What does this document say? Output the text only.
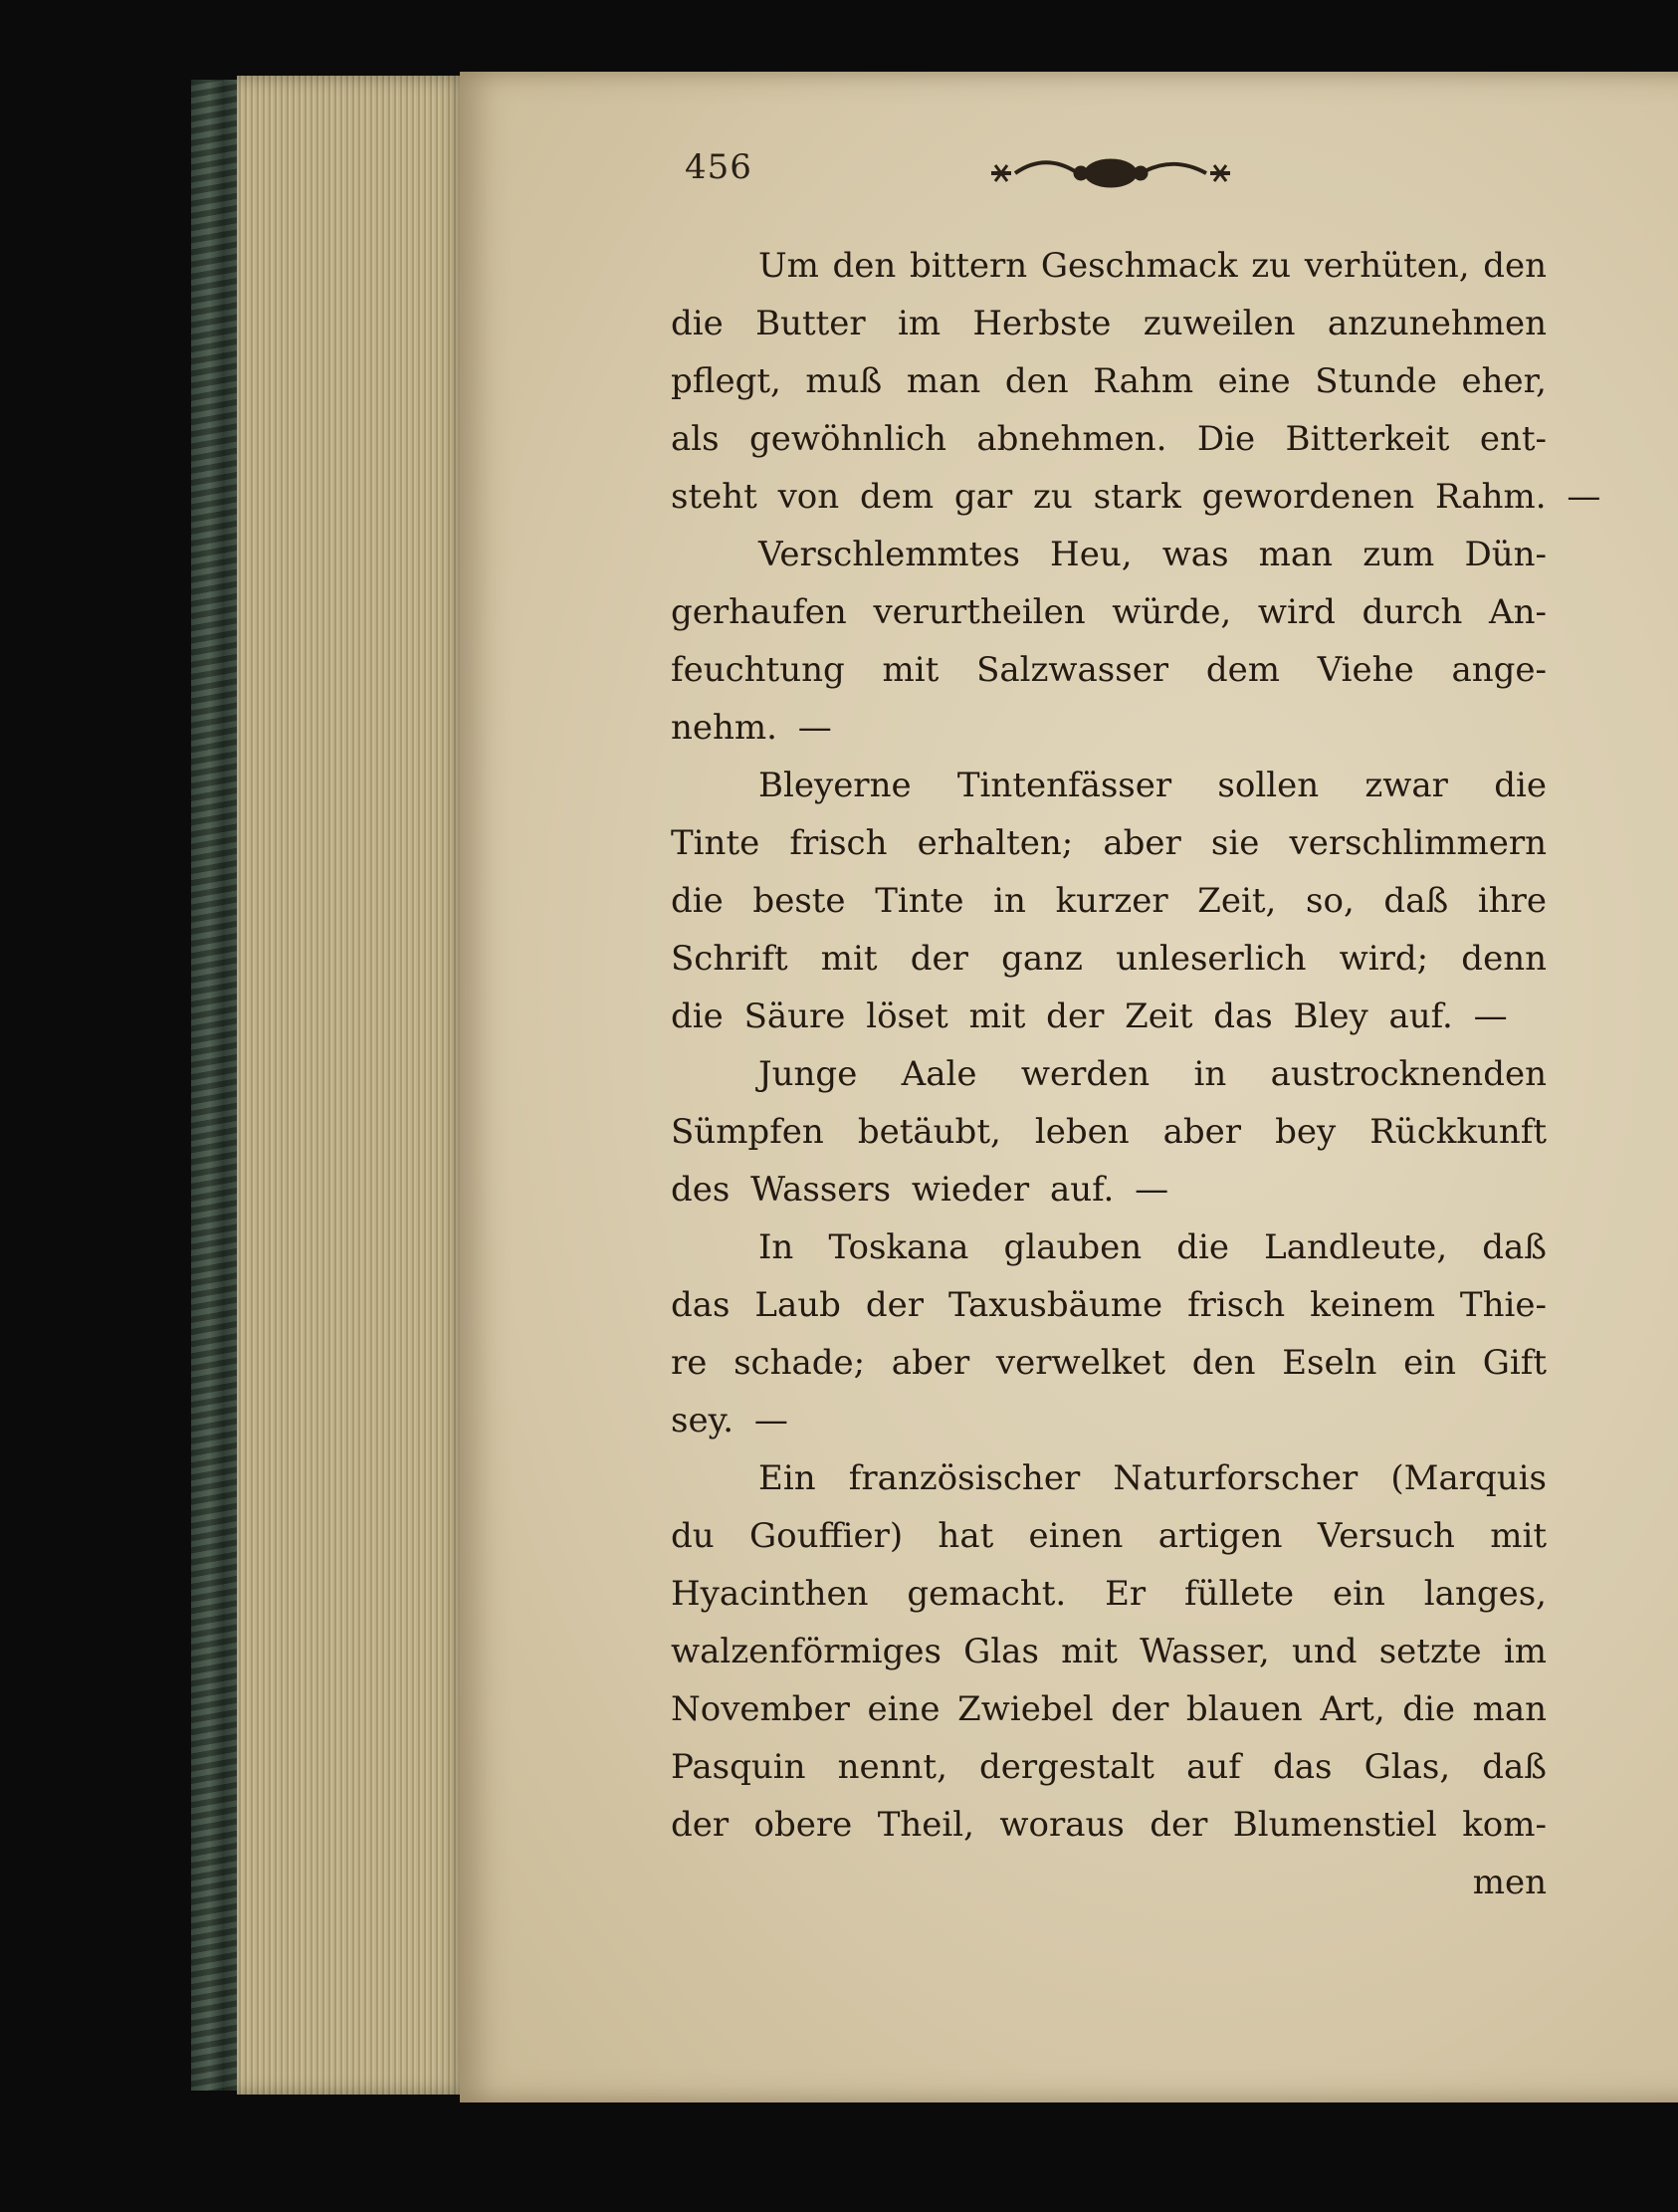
456
Um den bittern Geschmack zu verhüten, den
die Butter im Herbste zuweilen anzunehmen
pflegt, muß man den Rahm eine Stunde eher,
als gewöhnlich abnehmen. Die Bitterkeit ent-
steht von dem gar zu stark gewordenen Rahm. —
Verschlemmtes Heu, was man zum Dün-
gerhaufen verurtheilen würde, wird durch An-
feuchtung mit Salzwasser dem Viehe ange-
nehm. —
Bleyerne Tintenfässer sollen zwar die
Tinte frisch erhalten; aber sie verschlimmern
die beste Tinte in kurzer Zeit, so, daß ihre
Schrift mit der ganz unleserlich wird; denn
die Säure löset mit der Zeit das Bley auf. —
Junge Aale werden in austrocknenden
Sümpfen betäubt, leben aber bey Rückkunft
des Wassers wieder auf. —
In Toskana glauben die Landleute, daß
das Laub der Taxusbäume frisch keinem Thie-
re schade; aber verwelket den Eseln ein Gift
sey. —
Ein französischer Naturforscher (Marquis
du Gouffier) hat einen artigen Versuch mit
Hyacinthen gemacht. Er füllete ein langes,
walzenförmiges Glas mit Wasser, und setzte im
November eine Zwiebel der blauen Art, die man
Pasquin nennt, dergestalt auf das Glas, daß
der obere Theil, woraus der Blumenstiel kom-
men
